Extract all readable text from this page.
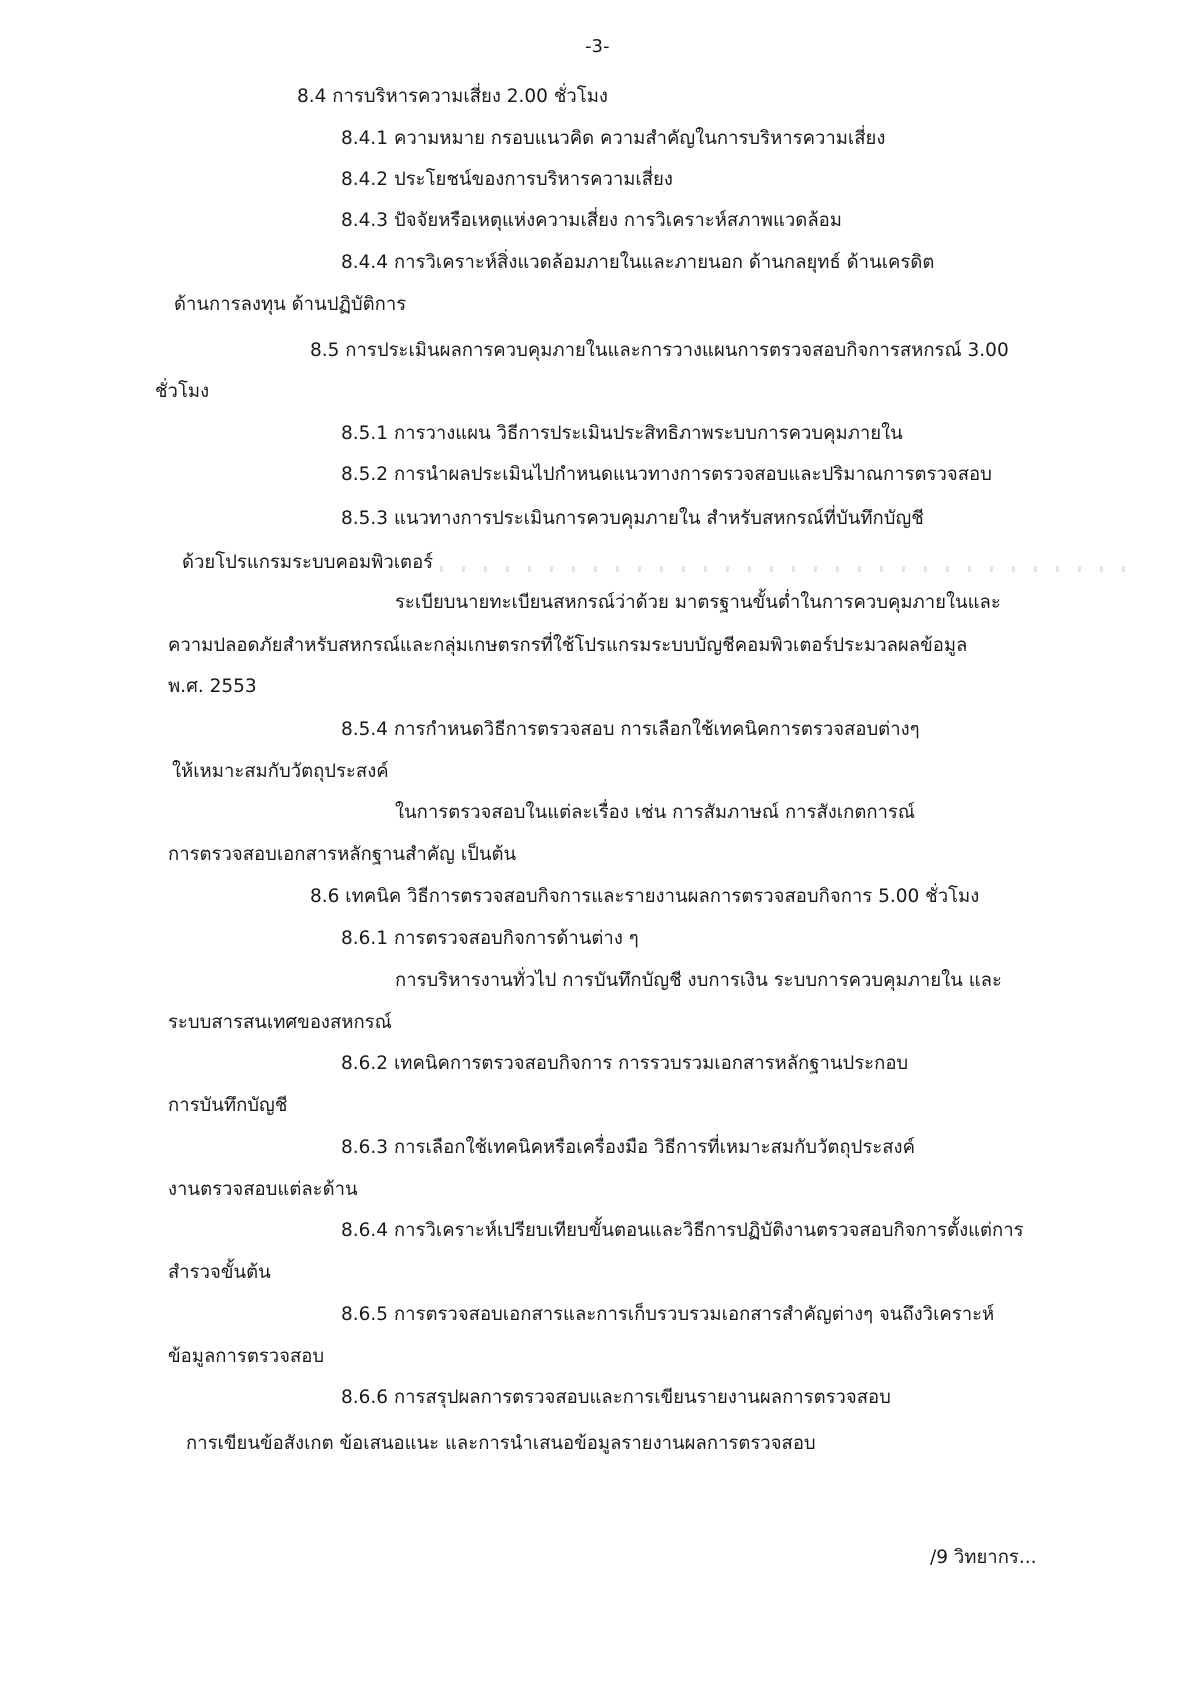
-3-
8.4 การบริหารความเสี่ยง 2.00 ชั่วโมง
8.4.1 ความหมาย กรอบแนวคิด ความสำคัญในการบริหารความเสี่ยง
8.4.2 ประโยชน์ของการบริหารความเสี่ยง
8.4.3 ปัจจัยหรือเหตุแห่งความเสี่ยง การวิเคราะห์สภาพแวดล้อม
8.4.4 การวิเคราะห์สิ่งแวดล้อมภายในและภายนอก ด้านกลยุทธ์ ด้านเครดิต
ด้านการลงทุน ด้านปฏิบัติการ
8.5 การประเมินผลการควบคุมภายในและการวางแผนการตรวจสอบกิจการสหกรณ์ 3.00
ชั่วโมง
8.5.1 การวางแผน วิธีการประเมินประสิทธิภาพระบบการควบคุมภายใน
8.5.2 การนำผลประเมินไปกำหนดแนวทางการตรวจสอบและปริมาณการตรวจสอบ
8.5.3 แนวทางการประเมินการควบคุมภายใน สำหรับสหกรณ์ที่บันทึกบัญชี
ด้วยโปรแกรมระบบคอมพิวเตอร์
ระเบียบนายทะเบียนสหกรณ์ว่าด้วย มาตรฐานขั้นต่ำในการควบคุมภายในและ
ความปลอดภัยสำหรับสหกรณ์และกลุ่มเกษตรกรที่ใช้โปรแกรมระบบบัญชีคอมพิวเตอร์ประมวลผลข้อมูล
พ.ศ. 2553
8.5.4 การกำหนดวิธีการตรวจสอบ การเลือกใช้เทคนิคการตรวจสอบต่างๆ
ให้เหมาะสมกับวัตถุประสงค์
ในการตรวจสอบในแต่ละเรื่อง เช่น การสัมภาษณ์ การสังเกตการณ์
การตรวจสอบเอกสารหลักฐานสำคัญ เป็นต้น
8.6 เทคนิค วิธีการตรวจสอบกิจการและรายงานผลการตรวจสอบกิจการ 5.00 ชั่วโมง
8.6.1 การตรวจสอบกิจการด้านต่าง ๆ
การบริหารงานทั่วไป การบันทึกบัญชี งบการเงิน ระบบการควบคุมภายใน และ
ระบบสารสนเทศของสหกรณ์
8.6.2 เทคนิคการตรวจสอบกิจการ การรวบรวมเอกสารหลักฐานประกอบ
การบันทึกบัญชี
8.6.3 การเลือกใช้เทคนิคหรือเครื่องมือ วิธีการที่เหมาะสมกับวัตถุประสงค์
งานตรวจสอบแต่ละด้าน
8.6.4 การวิเคราะห์เปรียบเทียบขั้นตอนและวิธีการปฏิบัติงานตรวจสอบกิจการตั้งแต่การ
สำรวจขั้นต้น
8.6.5 การตรวจสอบเอกสารและการเก็บรวบรวมเอกสารสำคัญต่างๆ จนถึงวิเคราะห์
ข้อมูลการตรวจสอบ
8.6.6 การสรุปผลการตรวจสอบและการเขียนรายงานผลการตรวจสอบ
การเขียนข้อสังเกต ข้อเสนอแนะ และการนำเสนอข้อมูลรายงานผลการตรวจสอบ
/9 วิทยากร...
